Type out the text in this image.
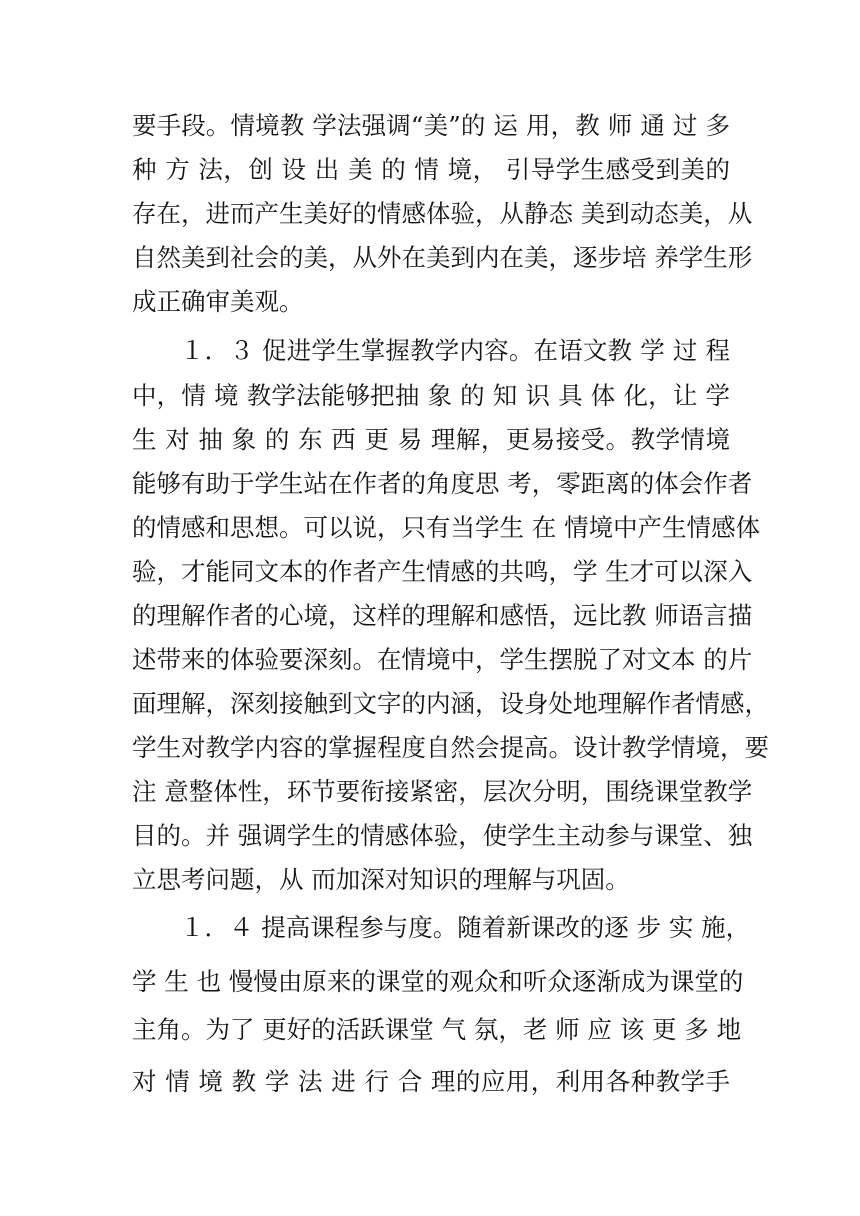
要手段。情境教 学法强调“美”的 运 用，教 师 通 过 多
种 方 法，创 设 出 美 的 情 境， 引导学生感受到美的
存在，进而产生美好的情感体验，从静态 美到动态美，从
自然美到社会的美，从外在美到内在美，逐步培 养学生形
成正确审美观。
１．３ 促进学生掌握教学内容。在语文教 学 过 程
中，情 境 教学法能够把抽 象 的 知 识 具 体 化，让 学
生 对 抽 象 的 东 西 更 易 理解，更易接受。教学情境
能够有助于学生站在作者的角度思 考，零距离的体会作者
的情感和思想。可以说，只有当学生 在 情境中产生情感体
验，才能同文本的作者产生情感的共鸣，学 生才可以深入
的理解作者的心境，这样的理解和感悟，远比教 师语言描
述带来的体验要深刻。在情境中，学生摆脱了对文本 的片
面理解，深刻接触到文字的内涵，设身处地理解作者情感，
学生对教学内容的掌握程度自然会提高。设计教学情境，要
注 意整体性，环节要衔接紧密，层次分明，围绕课堂教学
目的。并 强调学生的情感体验，使学生主动参与课堂、独
立思考问题，从 而加深对知识的理解与巩固。
１．４ 提高课程参与度。随着新课改的逐 步 实 施，
学 生 也 慢慢由原来的课堂的观众和听众逐渐成为课堂的
主角。为了 更好的活跃课堂 气 氛，老 师 应 该 更 多 地
对 情 境 教 学 法 进 行 合 理的应用，利用各种教学手
